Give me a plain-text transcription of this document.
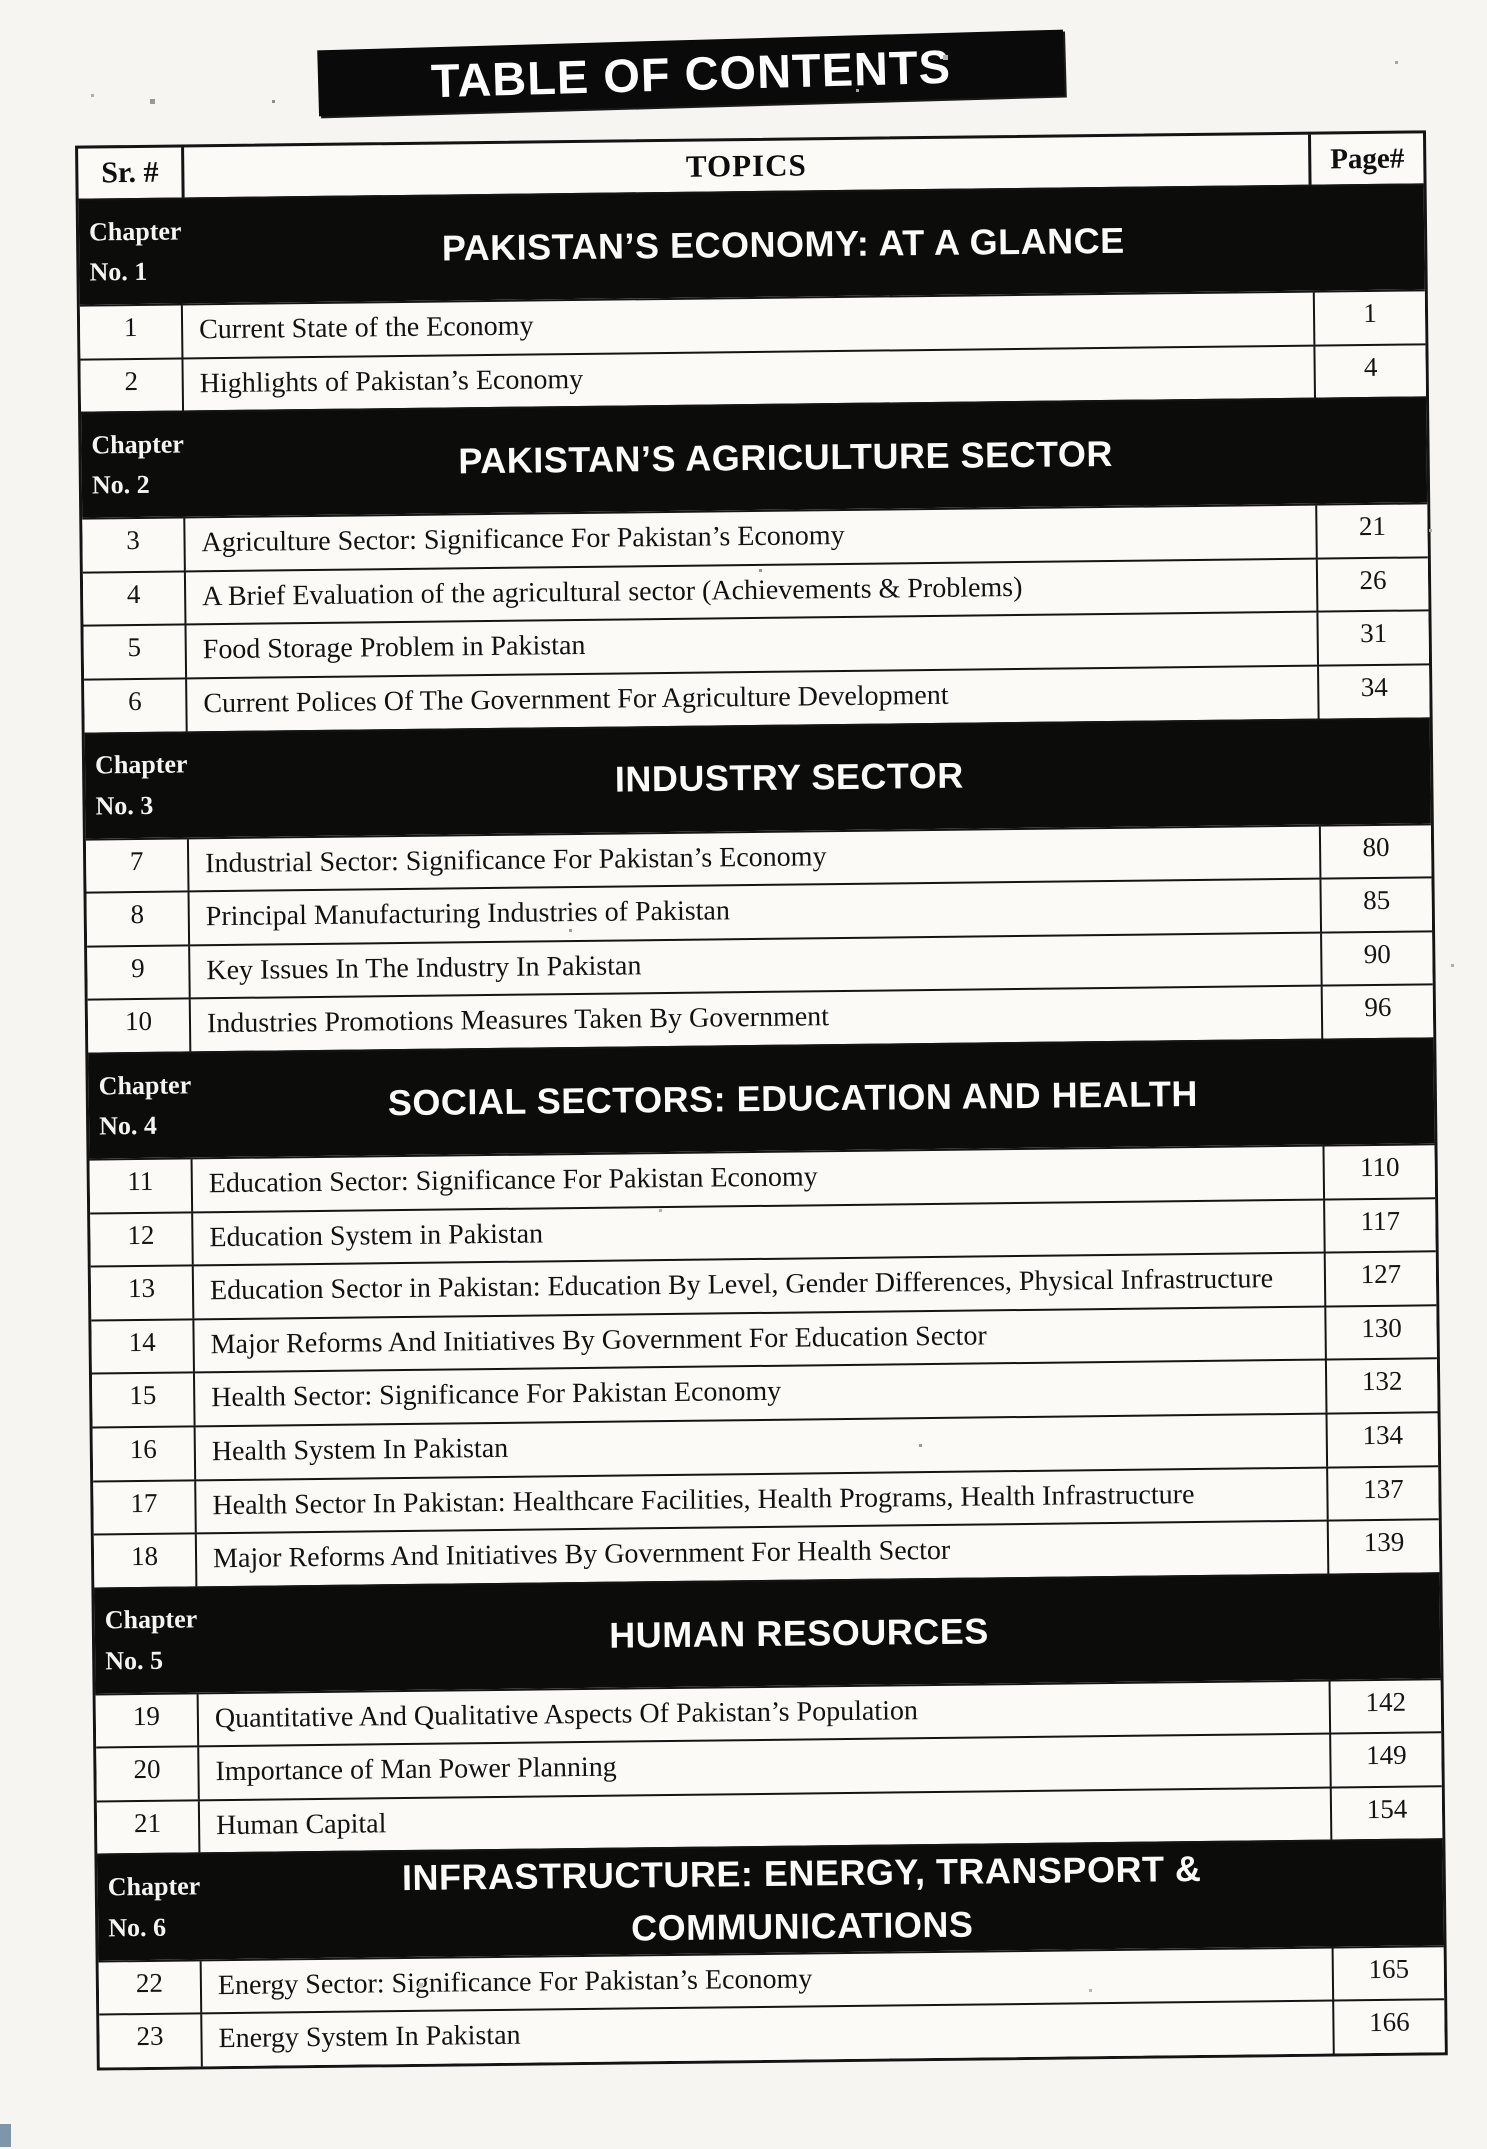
TABLE OF CONTENTS
Sr. #	TOPICS	Page#
Chapter No. 1
PAKISTAN’S ECONOMY: AT A GLANCE
1	Current State of the Economy	1
2	Highlights of Pakistan’s Economy	4
Chapter No. 2
PAKISTAN’S AGRICULTURE SECTOR
3	Agriculture Sector: Significance For Pakistan’s Economy	21
4	A Brief Evaluation of the agricultural sector (Achievements & Problems)	26
5	Food Storage Problem in Pakistan	31
6	Current Polices Of The Government For Agriculture Development	34
Chapter No. 3
INDUSTRY SECTOR
7	Industrial Sector: Significance For Pakistan’s Economy	80
8	Principal Manufacturing Industries of Pakistan	85
9	Key Issues In The Industry In Pakistan	90
10	Industries Promotions Measures Taken By Government	96
Chapter No. 4
SOCIAL SECTORS: EDUCATION AND HEALTH
11	Education Sector: Significance For Pakistan Economy	110
12	Education System in Pakistan	117
13	Education Sector in Pakistan: Education By Level, Gender Differences, Physical Infrastructure	127
14	Major Reforms And Initiatives By Government For Education Sector	130
15	Health Sector: Significance For Pakistan Economy	132
16	Health System In Pakistan	134
17	Health Sector In Pakistan: Healthcare Facilities, Health Programs, Health Infrastructure	137
18	Major Reforms And Initiatives By Government For Health Sector	139
Chapter No. 5
HUMAN RESOURCES
19	Quantitative And Qualitative Aspects Of Pakistan’s Population	142
20	Importance of Man Power Planning	149
21	Human Capital	154
Chapter No. 6
INFRASTRUCTURE: ENERGY, TRANSPORT &
COMMUNICATIONS
22	Energy Sector: Significance For Pakistan’s Economy	165
23	Energy System In Pakistan	166
